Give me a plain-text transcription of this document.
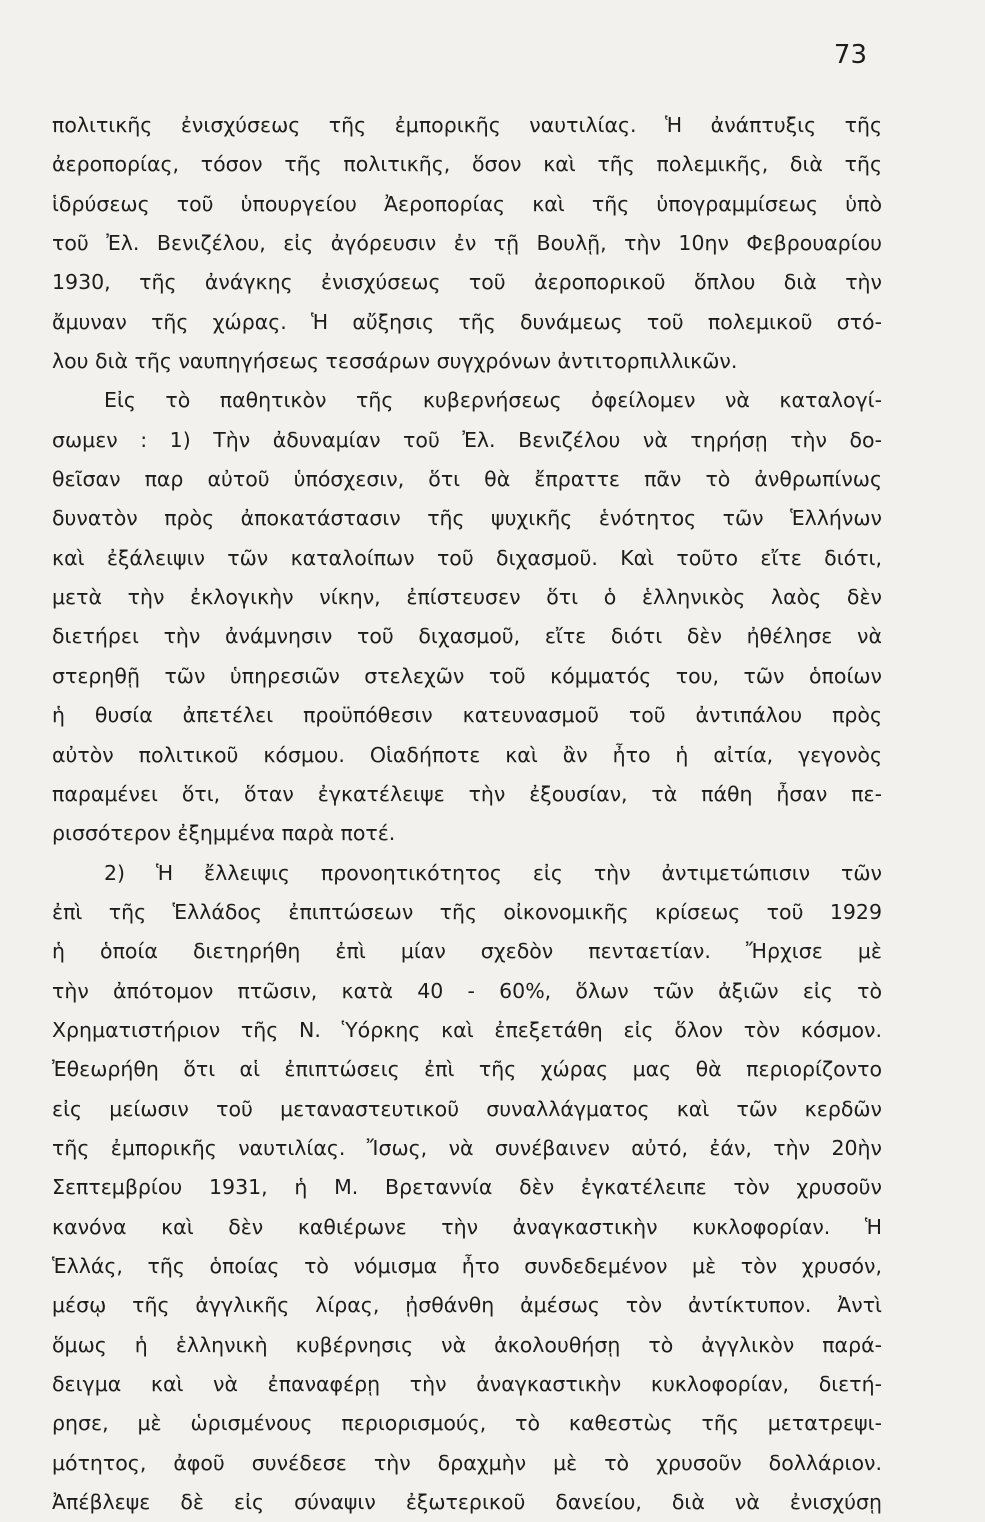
73
πολιτικῆς ἐνισχύσεως τῆς ἐμπορικῆς ναυτιλίας. Ἡ ἀνάπτυξις τῆς
ἀεροπορίας, τόσον τῆς πολιτικῆς, ὅσον καὶ τῆς πολεμικῆς, διὰ τῆς
ἱδρύσεως τοῦ ὑπουργείου Ἀεροπορίας καὶ τῆς ὑπογραμμίσεως ὑπὸ
τοῦ Ἐλ. Βενιζέλου, εἰς ἀγόρευσιν ἐν τῇ Βουλῇ, τὴν 10ην Φεβρουαρίου
1930, τῆς ἀνάγκης ἐνισχύσεως τοῦ ἀεροπορικοῦ ὅπλου διὰ τὴν
ἄμυναν τῆς χώρας. Ἡ αὔξησις τῆς δυνάμεως τοῦ πολεμικοῦ στό-
λου διὰ τῆς ναυπηγήσεως τεσσάρων συγχρόνων ἀντιτορπιλλικῶν.
Εἰς τὸ παθητικὸν τῆς κυβερνήσεως ὀφείλομεν νὰ καταλογί-
σωμεν : 1) Τὴν ἀδυναμίαν τοῦ Ἐλ. Βενιζέλου νὰ τηρήσῃ τὴν δο-
θεῖσαν παρ αὐτοῦ ὑπόσχεσιν, ὅτι θὰ ἔπραττε πᾶν τὸ ἀνθρωπίνως
δυνατὸν πρὸς ἀποκατάστασιν τῆς ψυχικῆς ἑνότητος τῶν Ἑλλήνων
καὶ ἐξάλειψιν τῶν καταλοίπων τοῦ διχασμοῦ. Καὶ τοῦτο εἴτε διότι,
μετὰ τὴν ἐκλογικὴν νίκην, ἐπίστευσεν ὅτι ὁ ἑλληνικὸς λαὸς δὲν
διετήρει τὴν ἀνάμνησιν τοῦ διχασμοῦ, εἴτε διότι δὲν ἠθέλησε νὰ
στερηθῇ τῶν ὑπηρεσιῶν στελεχῶν τοῦ κόμματός του, τῶν ὁποίων
ἡ θυσία ἀπετέλει προϋπόθεσιν κατευνασμοῦ τοῦ ἀντιπάλου πρὸς
αὐτὸν πολιτικοῦ κόσμου. Οἱαδήποτε καὶ ἂν ἦτο ἡ αἰτία, γεγονὸς
παραμένει ὅτι, ὅταν ἐγκατέλειψε τὴν ἐξουσίαν, τὰ πάθη ἦσαν πε-
ρισσότερον ἐξημμένα παρὰ ποτέ.
2) Ἡ ἔλλειψις προνοητικότητος εἰς τὴν ἀντιμετώπισιν τῶν
ἐπὶ τῆς Ἑλλάδος ἐπιπτώσεων τῆς οἰκονομικῆς κρίσεως τοῦ 1929
ἡ ὁποία διετηρήθη ἐπὶ μίαν σχεδὸν πενταετίαν. Ἤρχισε μὲ
τὴν ἀπότομον πτῶσιν, κατὰ 40 - 60%, ὅλων τῶν ἀξιῶν εἰς τὸ
Χρηματιστήριον τῆς Ν. Ὑόρκης καὶ ἐπεξετάθη εἰς ὅλον τὸν κόσμον.
Ἐθεωρήθη ὅτι αἱ ἐπιπτώσεις ἐπὶ τῆς χώρας μας θὰ περιορίζοντο
εἰς μείωσιν τοῦ μεταναστευτικοῦ συναλλάγματος καὶ τῶν κερδῶν
τῆς ἐμπορικῆς ναυτιλίας. Ἴσως, νὰ συνέβαινεν αὐτό, ἐάν, τὴν 20ὴν
Σεπτεμβρίου 1931, ἡ Μ. Βρεταννία δὲν ἐγκατέλειπε τὸν χρυσοῦν
κανόνα καὶ δὲν καθιέρωνε τὴν ἀναγκαστικὴν κυκλοφορίαν. Ἡ
Ἑλλάς, τῆς ὁποίας τὸ νόμισμα ἦτο συνδεδεμένον μὲ τὸν χρυσόν,
μέσῳ τῆς ἀγγλικῆς λίρας, ᾐσθάνθη ἀμέσως τὸν ἀντίκτυπον. Ἀντὶ
ὅμως ἡ ἑλληνικὴ κυβέρνησις νὰ ἀκολουθήσῃ τὸ ἀγγλικὸν παρά-
δειγμα καὶ νὰ ἐπαναφέρῃ τὴν ἀναγκαστικὴν κυκλοφορίαν, διετή-
ρησε, μὲ ὡρισμένους περιορισμούς, τὸ καθεστὼς τῆς μετατρεψι-
μότητος, ἀφοῦ συνέδεσε τὴν δραχμὴν μὲ τὸ χρυσοῦν δολλάριον.
Ἀπέβλεψε δὲ εἰς σύναψιν ἐξωτερικοῦ δανείου, διὰ νὰ ἐνισχύσῃ
